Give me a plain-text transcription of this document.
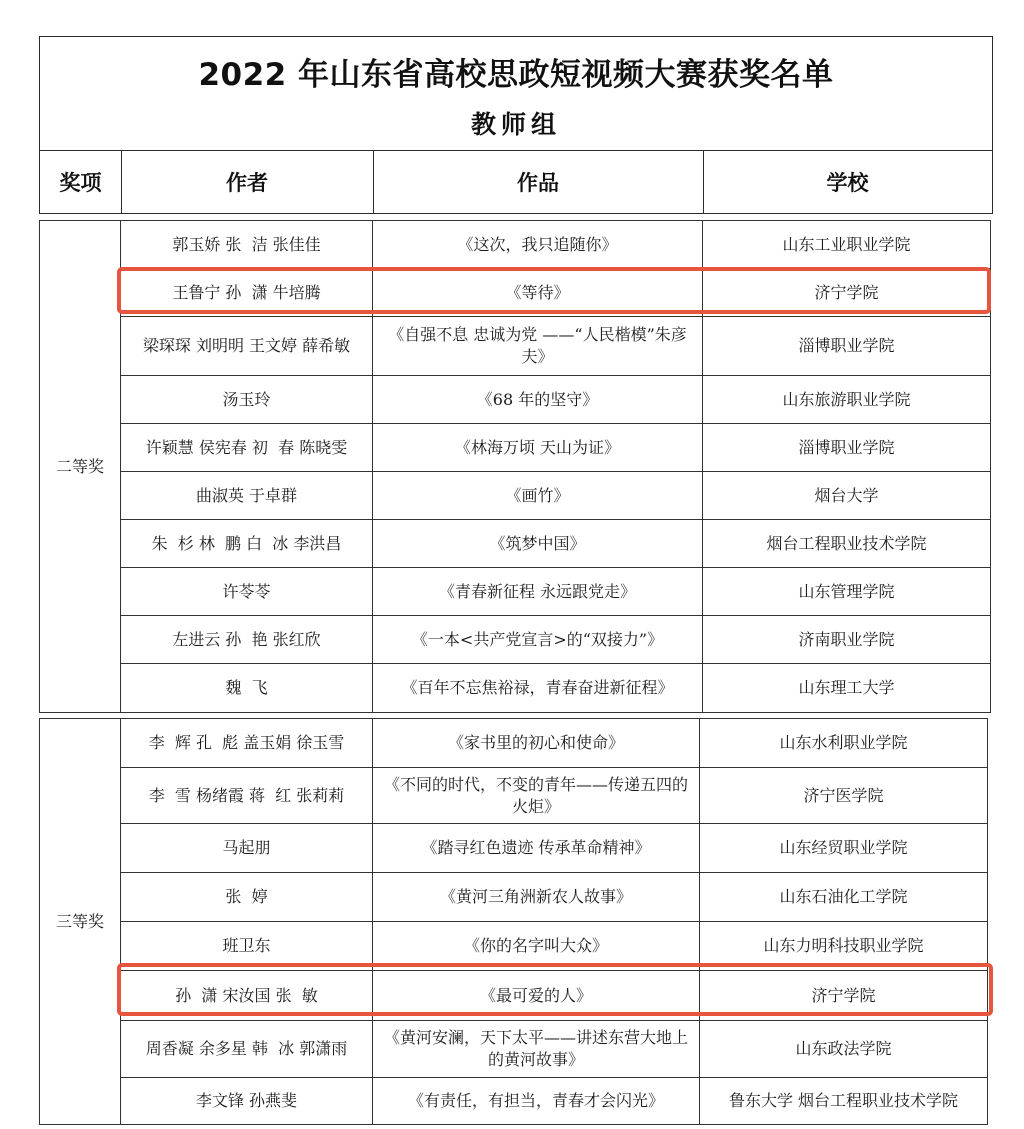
2022 年山东省高校思政短视频大赛获奖名单
教师组
奖项	作者	作品	学校
二等奖	郭玉娇 张  洁 张佳佳	《这次，我只追随你》	山东工业职业学院
	王鲁宁 孙  潇 牛培腾	《等待》	济宁学院
	梁琛琛 刘明明 王文婷 薛希敏	《自强不息 忠诚为党 ——“人民楷模”朱彦夫》	淄博职业学院
	汤玉玲	《68 年的坚守》	山东旅游职业学院
	许颖慧 侯宪春 初  春 陈晓雯	《林海万顷 天山为证》	淄博职业学院
	曲淑英 于卓群	《画竹》	烟台大学
	朱  杉 林  鹏 白  冰 李洪昌	《筑梦中国》	烟台工程职业技术学院
	许苓苓	《青春新征程 永远跟党走》	山东管理学院
	左进云 孙  艳 张红欣	《一本<共产党宣言>的“双接力”》	济南职业学院
	魏  飞	《百年不忘焦裕禄，青春奋进新征程》	山东理工大学
三等奖	李  辉 孔  彪 盖玉娟 徐玉雪	《家书里的初心和使命》	山东水利职业学院
	李  雪 杨绪霞 蒋  红 张莉莉	《不同的时代，不变的青年——传递五四的火炬》	济宁医学院
	马起朋	《踏寻红色遗迹 传承革命精神》	山东经贸职业学院
	张  婷	《黄河三角洲新农人故事》	山东石油化工学院
	班卫东	《你的名字叫大众》	山东力明科技职业学院
	孙  潇 宋汝国 张  敏	《最可爱的人》	济宁学院
	周香凝 余多星 韩  冰 郭潇雨	《黄河安澜，天下太平——讲述东营大地上的黄河故事》	山东政法学院
	李文锋 孙燕斐	《有责任，有担当，青春才会闪光》	鲁东大学 烟台工程职业技术学院
